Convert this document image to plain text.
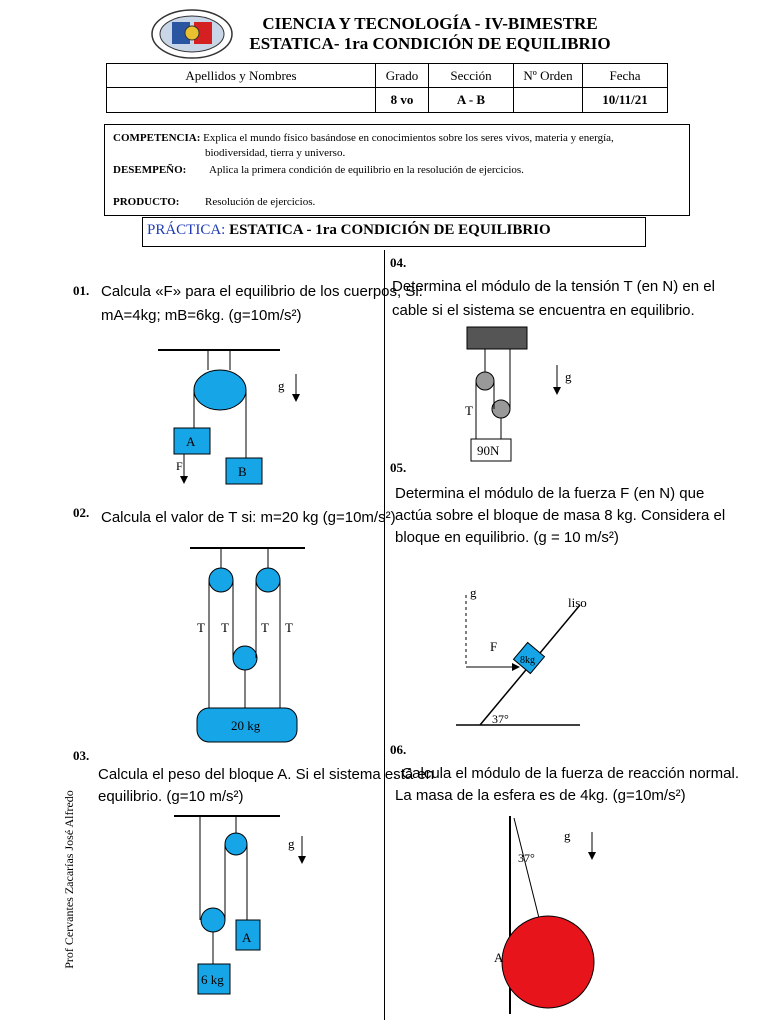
CIENCIA Y TECNOLOGÍA - IV-BIMESTRE
ESTATICA- 1ra CONDICIÓN DE EQUILIBRIO
Apellidos y Nombres	Grado	Sección	Nº Orden	Fecha
	8 vo	A - B		10/11/21
COMPETENCIA: Explica el mundo físico basándose en conocimientos sobre los seres vivos, materia y energía,
biodiversidad, tierra y universo.
DESEMPEÑO: Aplica la primera condición de equilibrio en la resolución de ejercicios.
PRODUCTO: Resolución de ejercicios.
PRÁCTICA: ESTATICA - 1ra CONDICIÓN DE EQUILIBRIO
Prof Cervantes Zacarías José Alfredo
01. Calcula «F» para el equilibrio de los cuerpos, Si:
mA=4kg; mB=6kg. (g=10m/s²)
A
F	B
g
02. Calcula el valor de T si: m=20 kg (g=10m/s²)
20 kg
T T T T
03.
Calcula el peso del bloque A. Si el sistema está en
equilibrio. (g=10 m/s²)
6 kg
A
g
04.
Determina el módulo de la tensión T (en N) en el
cable si el sistema se encuentra en equilibrio.
90N
T
g
05.
Determina el módulo de la fuerza F (en N) que
actúa sobre el bloque de masa 8 kg. Considera el
bloque en equilibrio. (g = 10 m/s²)
8kg
g
F
liso
37°
06.
. Calcula el módulo de la fuerza de reacción normal.
La masa de la esfera es de 4kg. (g=10m/s²)
37°
A
g
